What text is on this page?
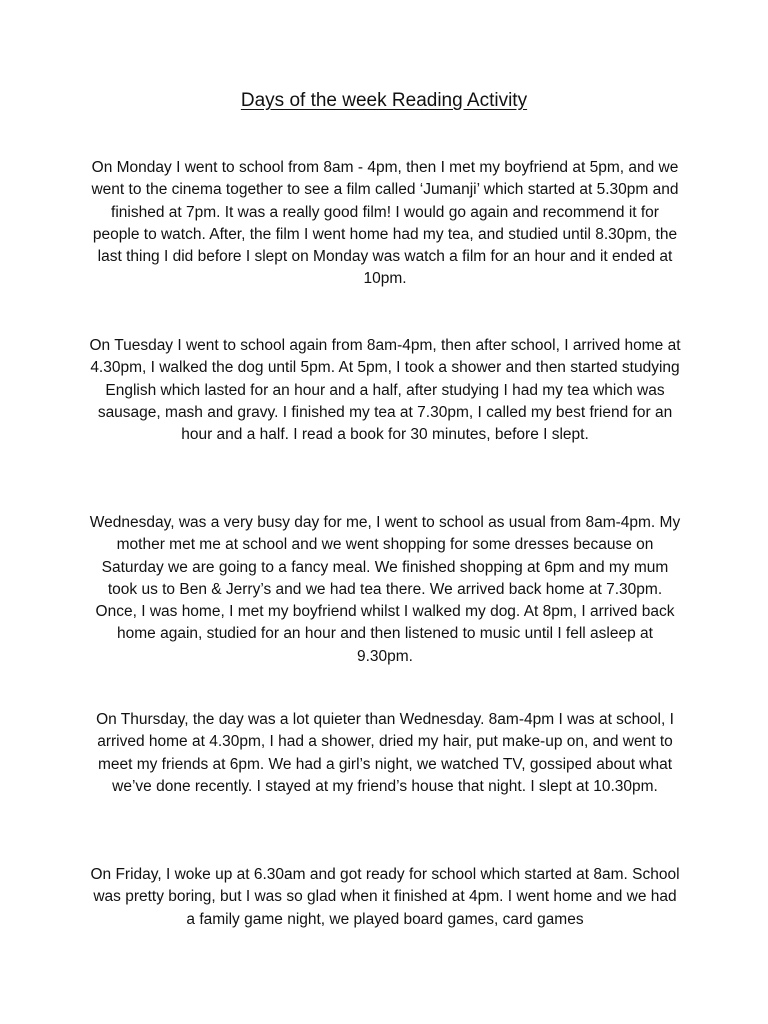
Days of the week Reading Activity

On Monday I went to school from 8am - 4pm, then I met my boyfriend at 5pm, and we went to the cinema together to see a film called ‘Jumanji’ which started at 5.30pm and finished at 7pm. It was a really good film! I would go again and recommend it for people to watch. After, the film I went home had my tea, and studied until 8.30pm, the last thing I did before I slept on Monday was watch a film for an hour and it ended at 10pm.

On Tuesday I went to school again from 8am-4pm, then after school, I arrived home at 4.30pm, I walked the dog until 5pm. At 5pm, I took a shower and then started studying English which lasted for an hour and a half, after studying I had my tea which was sausage, mash and gravy. I finished my tea at 7.30pm, I called my best friend for an hour and a half. I read a book for 30 minutes, before I slept.

Wednesday, was a very busy day for me, I went to school as usual from 8am-4pm. My mother met me at school and we went shopping for some dresses because on Saturday we are going to a fancy meal. We finished shopping at 6pm and my mum took us to Ben & Jerry’s and we had tea there. We arrived back home at 7.30pm. Once, I was home, I met my boyfriend whilst I walked my dog. At 8pm, I arrived back home again, studied for an hour and then listened to music until I fell asleep at 9.30pm.

On Thursday, the day was a lot quieter than Wednesday. 8am-4pm I was at school, I arrived home at 4.30pm, I had a shower, dried my hair, put make-up on, and went to meet my friends at 6pm. We had a girl’s night, we watched TV, gossiped about what we’ve done recently. I stayed at my friend’s house that night. I slept at 10.30pm.

On Friday, I woke up at 6.30am and got ready for school which started at 8am. School was pretty boring, but I was so glad when it finished at 4pm. I went home and we had a family game night, we played board games, card games
